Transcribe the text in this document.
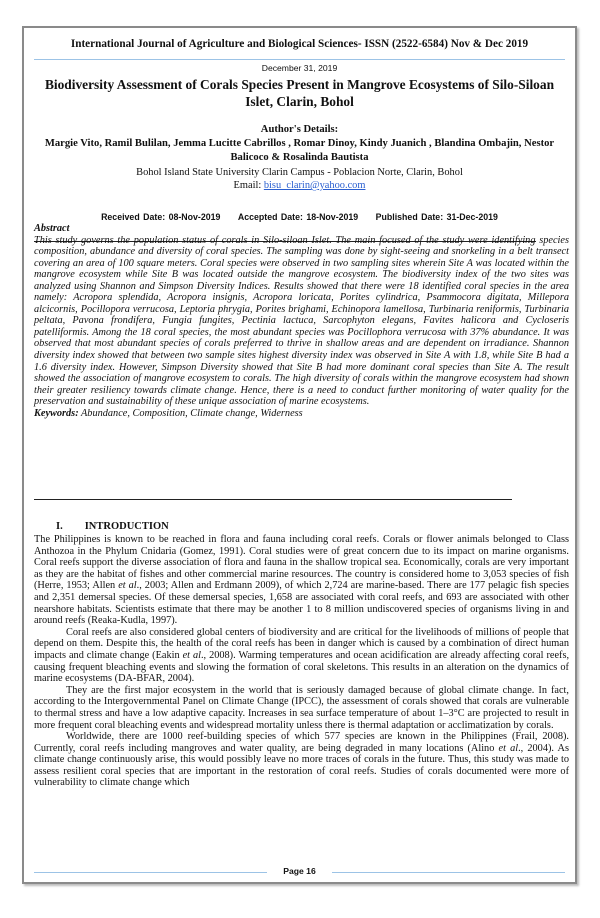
International Journal of Agriculture and Biological Sciences- ISSN (2522-6584) Nov & Dec 2019
December 31, 2019
Biodiversity Assessment of Corals Species Present in Mangrove Ecosystems of Silo-Siloan Islet, Clarin, Bohol
Author's Details:
Margie Vito, Ramil Bulilan, Jemma Lucitte Cabrillos , Romar Dinoy, Kindy Juanich , Blandina Ombajin, Nestor Balicoco & Rosalinda Bautista
Bohol Island State University Clarin Campus - Poblacion Norte, Clarin, Bohol
Email: bisu_clarin@yahoo.com
Received Date: 08-Nov-2019 Accepted Date: 18-Nov-2019 Published Date: 31-Dec-2019
Abstract
This study governs the population status of corals in Silo-siloan Islet. The main focused of the study were identifying species composition, abundance and diversity of coral species. The sampling was done by sight-seeing and snorkeling in a belt transect covering an area of 100 square meters. Coral species were observed in two sampling sites wherein Site A was located within the mangrove ecosystem while Site B was located outside the mangrove ecosystem. The biodiversity index of the two sites was analyzed using Shannon and Simpson Diversity Indices. Results showed that there were 18 identified coral species in the area namely: Acropora splendida, Acropora insignis, Acropora loricata, Porites cylindrica, Psammocora digitata, Millepora alcicornis, Pocillopora verrucosa, Leptoria phrygia, Porites brighami, Echinopora lamellosa, Turbinaria reniformis, Turbinaria peltata, Pavona frondifera, Fungia fungites, Pectinia lactuca, Sarcophyton elegans, Favites halicora and Cycloseris patelliformis. Among the 18 coral species, the most abundant species was Pocillophora verrucosa with 37% abundance. It was observed that most abundant species of corals preferred to thrive in shallow areas and are dependent on irradiance. Shannon diversity index showed that between two sample sites highest diversity index was observed in Site A with 1.8, while Site B had a 1.6 diversity index. However, Simpson Diversity showed that Site B had more dominant coral species than Site A. The result showed the association of mangrove ecosystem to corals. The high diversity of corals within the mangrove ecosystem had shown their greater resiliency towards climate change. Hence, there is a need to conduct further monitoring of water quality for the preservation and sustainability of these unique association of marine ecosystems.
Keywords: Abundance, Composition, Climate change, Widerness
I. INTRODUCTION

The Philippines is known to be reached in flora and fauna including coral reefs. Corals or flower animals belonged to Class Anthozoa in the Phylum Cnidaria (Gomez, 1991). Coral studies were of great concern due to its impact on marine organisms. Coral reefs support the diverse association of flora and fauna in the shallow tropical sea. Economically, corals are very important as they are the habitat of fishes and other commercial marine resources. The country is considered home to 3,053 species of fish (Herre, 1953; Allen et al., 2003; Allen and Erdmann 2009), of which 2,724 are marine-based. There are 177 pelagic fish species and 2,351 demersal species. Of these demersal species, 1,658 are associated with coral reefs, and 693 are associated with other nearshore habitats. Scientists estimate that there may be another 1 to 8 million undiscovered species of organisms living in and around reefs (Reaka-Kudla, 1997).

Coral reefs are also considered global centers of biodiversity and are critical for the livelihoods of millions of people that depend on them. Despite this, the health of the coral reefs has been in danger which is caused by a combination of direct human impacts and climate change (Eakin et al., 2008). Warming temperatures and ocean acidification are already affecting coral reefs, causing frequent bleaching events and slowing the formation of coral skeletons. This results in an alteration on the dynamics of marine ecosystems (DA-BFAR, 2004).

They are the first major ecosystem in the world that is seriously damaged because of global climate change. In fact, according to the Intergovernmental Panel on Climate Change (IPCC), the assessment of corals showed that corals are vulnerable to thermal stress and have a low adaptive capacity. Increases in sea surface temperature of about 1–3°C are projected to result in more frequent coral bleaching events and widespread mortality unless there is thermal adaptation or acclimatization by corals.

Worldwide, there are 1000 reef-building species of which 577 species are known in the Philippines (Frail, 2008). Currently, coral reefs including mangroves and water quality, are being degraded in many locations (Alino et al., 2004). As climate change continuously arise, this would possibly leave no more traces of corals in the future. Thus, this study was made to assess resilient coral species that are important in the restoration of coral reefs. Studies of corals documented were more of vulnerability to climate change which

Page 16
